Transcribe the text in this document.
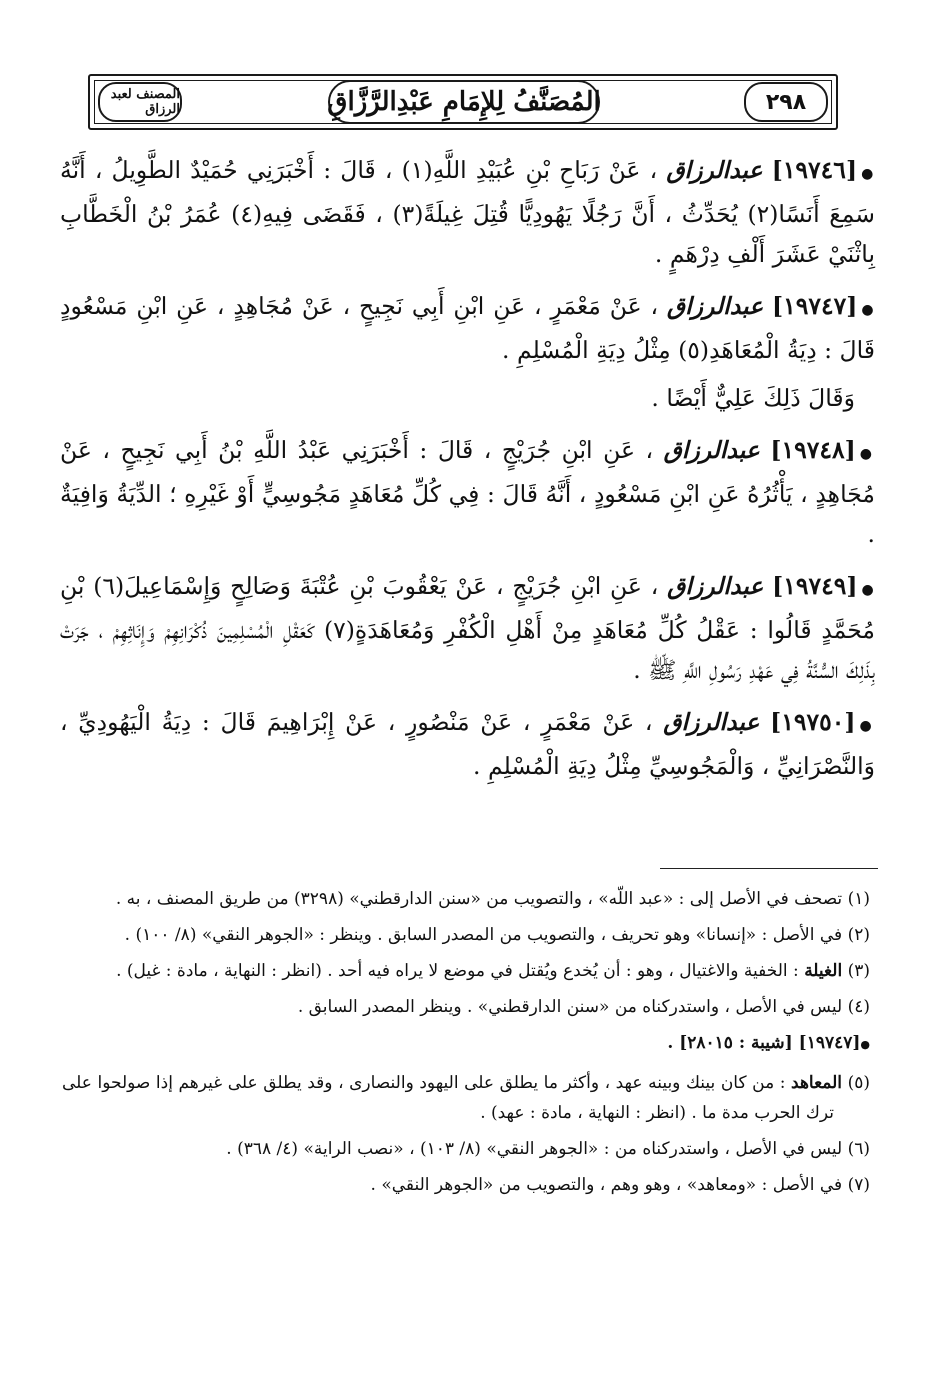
المصنف لعبد الرزاق	المُصَنَّفُ لِلإِمَامِ عَبْدِالرَّزَّاقِ	٢٩٨

●[١٩٧٤٦] عبدالرزاق ، عَنْ رَبَاحِ بْنِ عُبَيْدِ اللَّهِ(١) ، قَالَ : أَخْبَرَنِي حُمَيْدٌ الطَّوِيلُ ، أَنَّهُ سَمِعَ أَنَسًا(٢) يُحَدِّثُ ، أَنَّ رَجُلًا يَهُودِيًّا قُتِلَ غِيلَةً(٣) ، فَقَضَى فِيهِ(٤) عُمَرُ بْنُ الْخَطَّابِ بِاثْنَيْ عَشَرَ أَلْفِ دِرْهَمٍ .

●[١٩٧٤٧] عبدالرزاق ، عَنْ مَعْمَرٍ ، عَنِ ابْنِ أَبِي نَجِيحٍ ، عَنْ مُجَاهِدٍ ، عَنِ ابْنِ مَسْعُودٍ قَالَ : دِيَةُ الْمُعَاهَدِ(٥) مِثْلُ دِيَةِ الْمُسْلِمِ .

وَقَالَ ذَلِكَ عَلِيٌّ أَيْضًا .

●[١٩٧٤٨] عبدالرزاق ، عَنِ ابْنِ جُرَيْجٍ ، قَالَ : أَخْبَرَنِي عَبْدُ اللَّهِ بْنُ أَبِي نَجِيحٍ ، عَنْ مُجَاهِدٍ ، يَأْثُرُهُ عَنِ ابْنِ مَسْعُودٍ ، أَنَّهُ قَالَ : فِي كُلِّ مُعَاهَدٍ مَجُوسِيٍّ أَوْ غَيْرِهِ ؛ الدِّيَةُ وَافِيَةٌ .

●[١٩٧٤٩] عبدالرزاق ، عَنِ ابْنِ جُرَيْجٍ ، عَنْ يَعْقُوبَ بْنِ عُتْبَةَ وَصَالِحٍ وَإِسْمَاعِيلَ(٦) بْنِ مُحَمَّدٍ قَالُوا : عَقْلُ كُلِّ مُعَاهَدٍ مِنْ أَهْلِ الْكُفْرِ وَمُعَاهَدَةٍ(٧) كَعَقْلِ الْمُسْلِمِينَ ذُكْرَانِهِمْ وَإِنَاثِهِمْ ، جَرَتْ بِذَلِكَ السُّنَّةُ فِي عَهْدِ رَسُولِ اللَّهِ ﷺ .

●[١٩٧٥٠] عبدالرزاق ، عَنْ مَعْمَرٍ ، عَنْ مَنْصُورٍ ، عَنْ إِبْرَاهِيمَ قَالَ : دِيَةُ الْيَهُودِيِّ ، وَالنَّصْرَانِيِّ ، وَالْمَجُوسِيِّ مِثْلُ دِيَةِ الْمُسْلِمِ .

(١) تصحف في الأصل إلى : «عبد اللّه» ، والتصويب من «سنن الدارقطني» (٣٢٩٨) من طريق المصنف ، به .

(٢) في الأصل : «إنسانا» وهو تحريف ، والتصويب من المصدر السابق . وينظر : «الجوهر النقي» (٨/ ١٠٠) .

(٣) الغيلة : الخفية والاغتيال ، وهو : أن يُخدع ويُقتل في موضع لا يراه فيه أحد . (انظر : النهاية ، مادة : غيل) .

(٤) ليس في الأصل ، واستدركناه من «سنن الدارقطني» . وينظر المصدر السابق .

●[١٩٧٤٧] [شيبة : ٢٨٠١٥] .

(٥) المعاهد : من كان بينك وبينه عهد ، وأكثر ما يطلق على اليهود والنصارى ، وقد يطلق على غيرهم إذا صولحوا على ترك الحرب مدة ما . (انظر : النهاية ، مادة : عهد) .

(٦) ليس في الأصل ، واستدركناه من : «الجوهر النقي» (٨/ ١٠٣) ، «نصب الراية» (٤/ ٣٦٨) .

(٧) في الأصل : «ومعاهد» ، وهو وهم ، والتصويب من «الجوهر النقي» .
